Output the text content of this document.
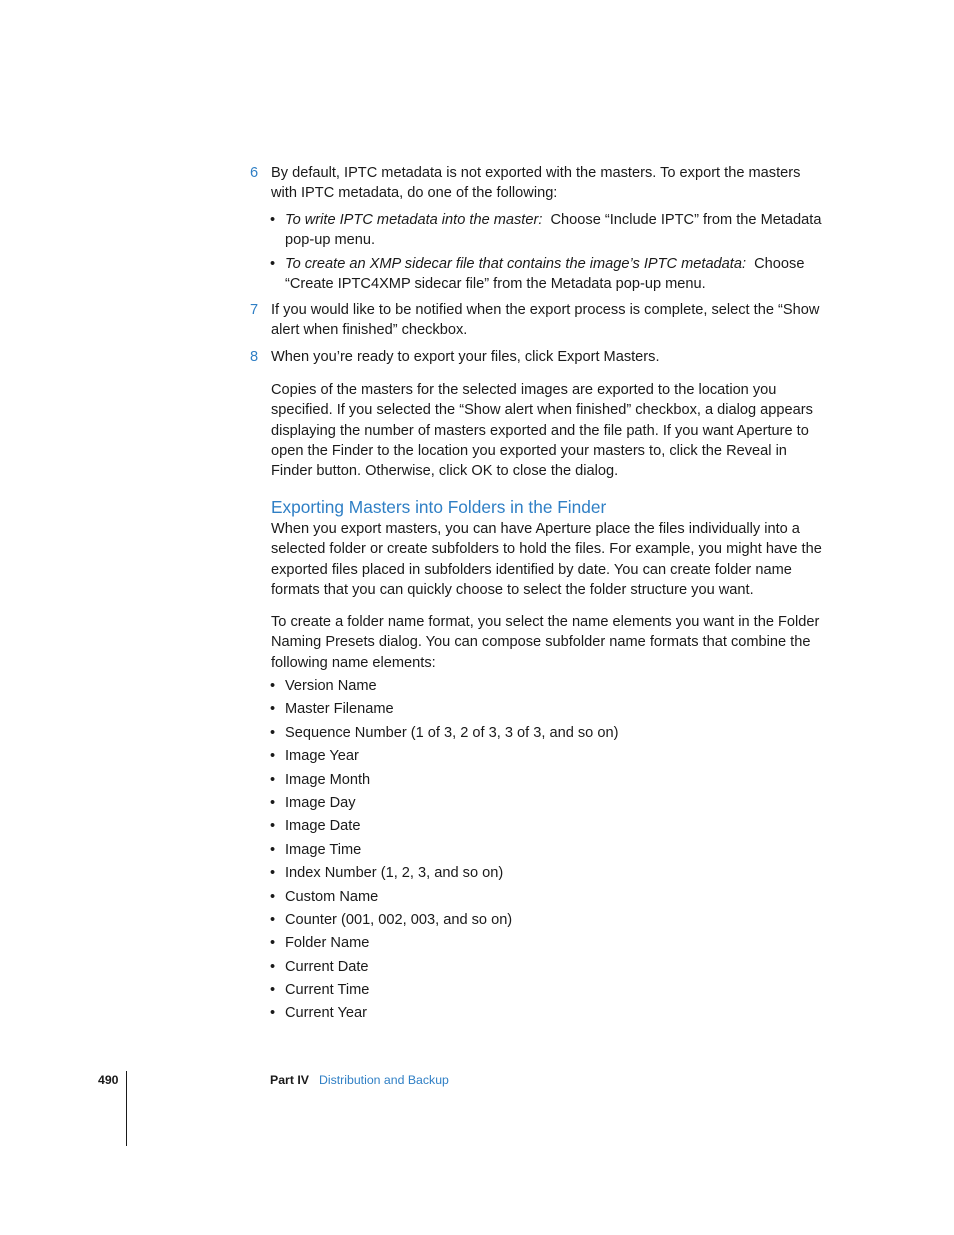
6 By default, IPTC metadata is not exported with the masters. To export the masters with IPTC metadata, do one of the following:
• To write IPTC metadata into the master: Choose “Include IPTC” from the Metadata pop-up menu.
• To create an XMP sidecar file that contains the image’s IPTC metadata: Choose “Create IPTC4XMP sidecar file” from the Metadata pop-up menu.
7 If you would like to be notified when the export process is complete, select the “Show alert when finished” checkbox.
8 When you’re ready to export your files, click Export Masters.
Copies of the masters for the selected images are exported to the location you specified. If you selected the “Show alert when finished” checkbox, a dialog appears displaying the number of masters exported and the file path. If you want Aperture to open the Finder to the location you exported your masters to, click the Reveal in Finder button. Otherwise, click OK to close the dialog.
Exporting Masters into Folders in the Finder
When you export masters, you can have Aperture place the files individually into a selected folder or create subfolders to hold the files. For example, you might have the exported files placed in subfolders identified by date. You can create folder name formats that you can quickly choose to select the folder structure you want.
To create a folder name format, you select the name elements you want in the Folder Naming Presets dialog. You can compose subfolder name formats that combine the following name elements:
• Version Name
• Master Filename
• Sequence Number (1 of 3, 2 of 3, 3 of 3, and so on)
• Image Year
• Image Month
• Image Day
• Image Date
• Image Time
• Index Number (1, 2, 3, and so on)
• Custom Name
• Counter (001, 002, 003, and so on)
• Folder Name
• Current Date
• Current Time
• Current Year
490	Part IV Distribution and Backup
